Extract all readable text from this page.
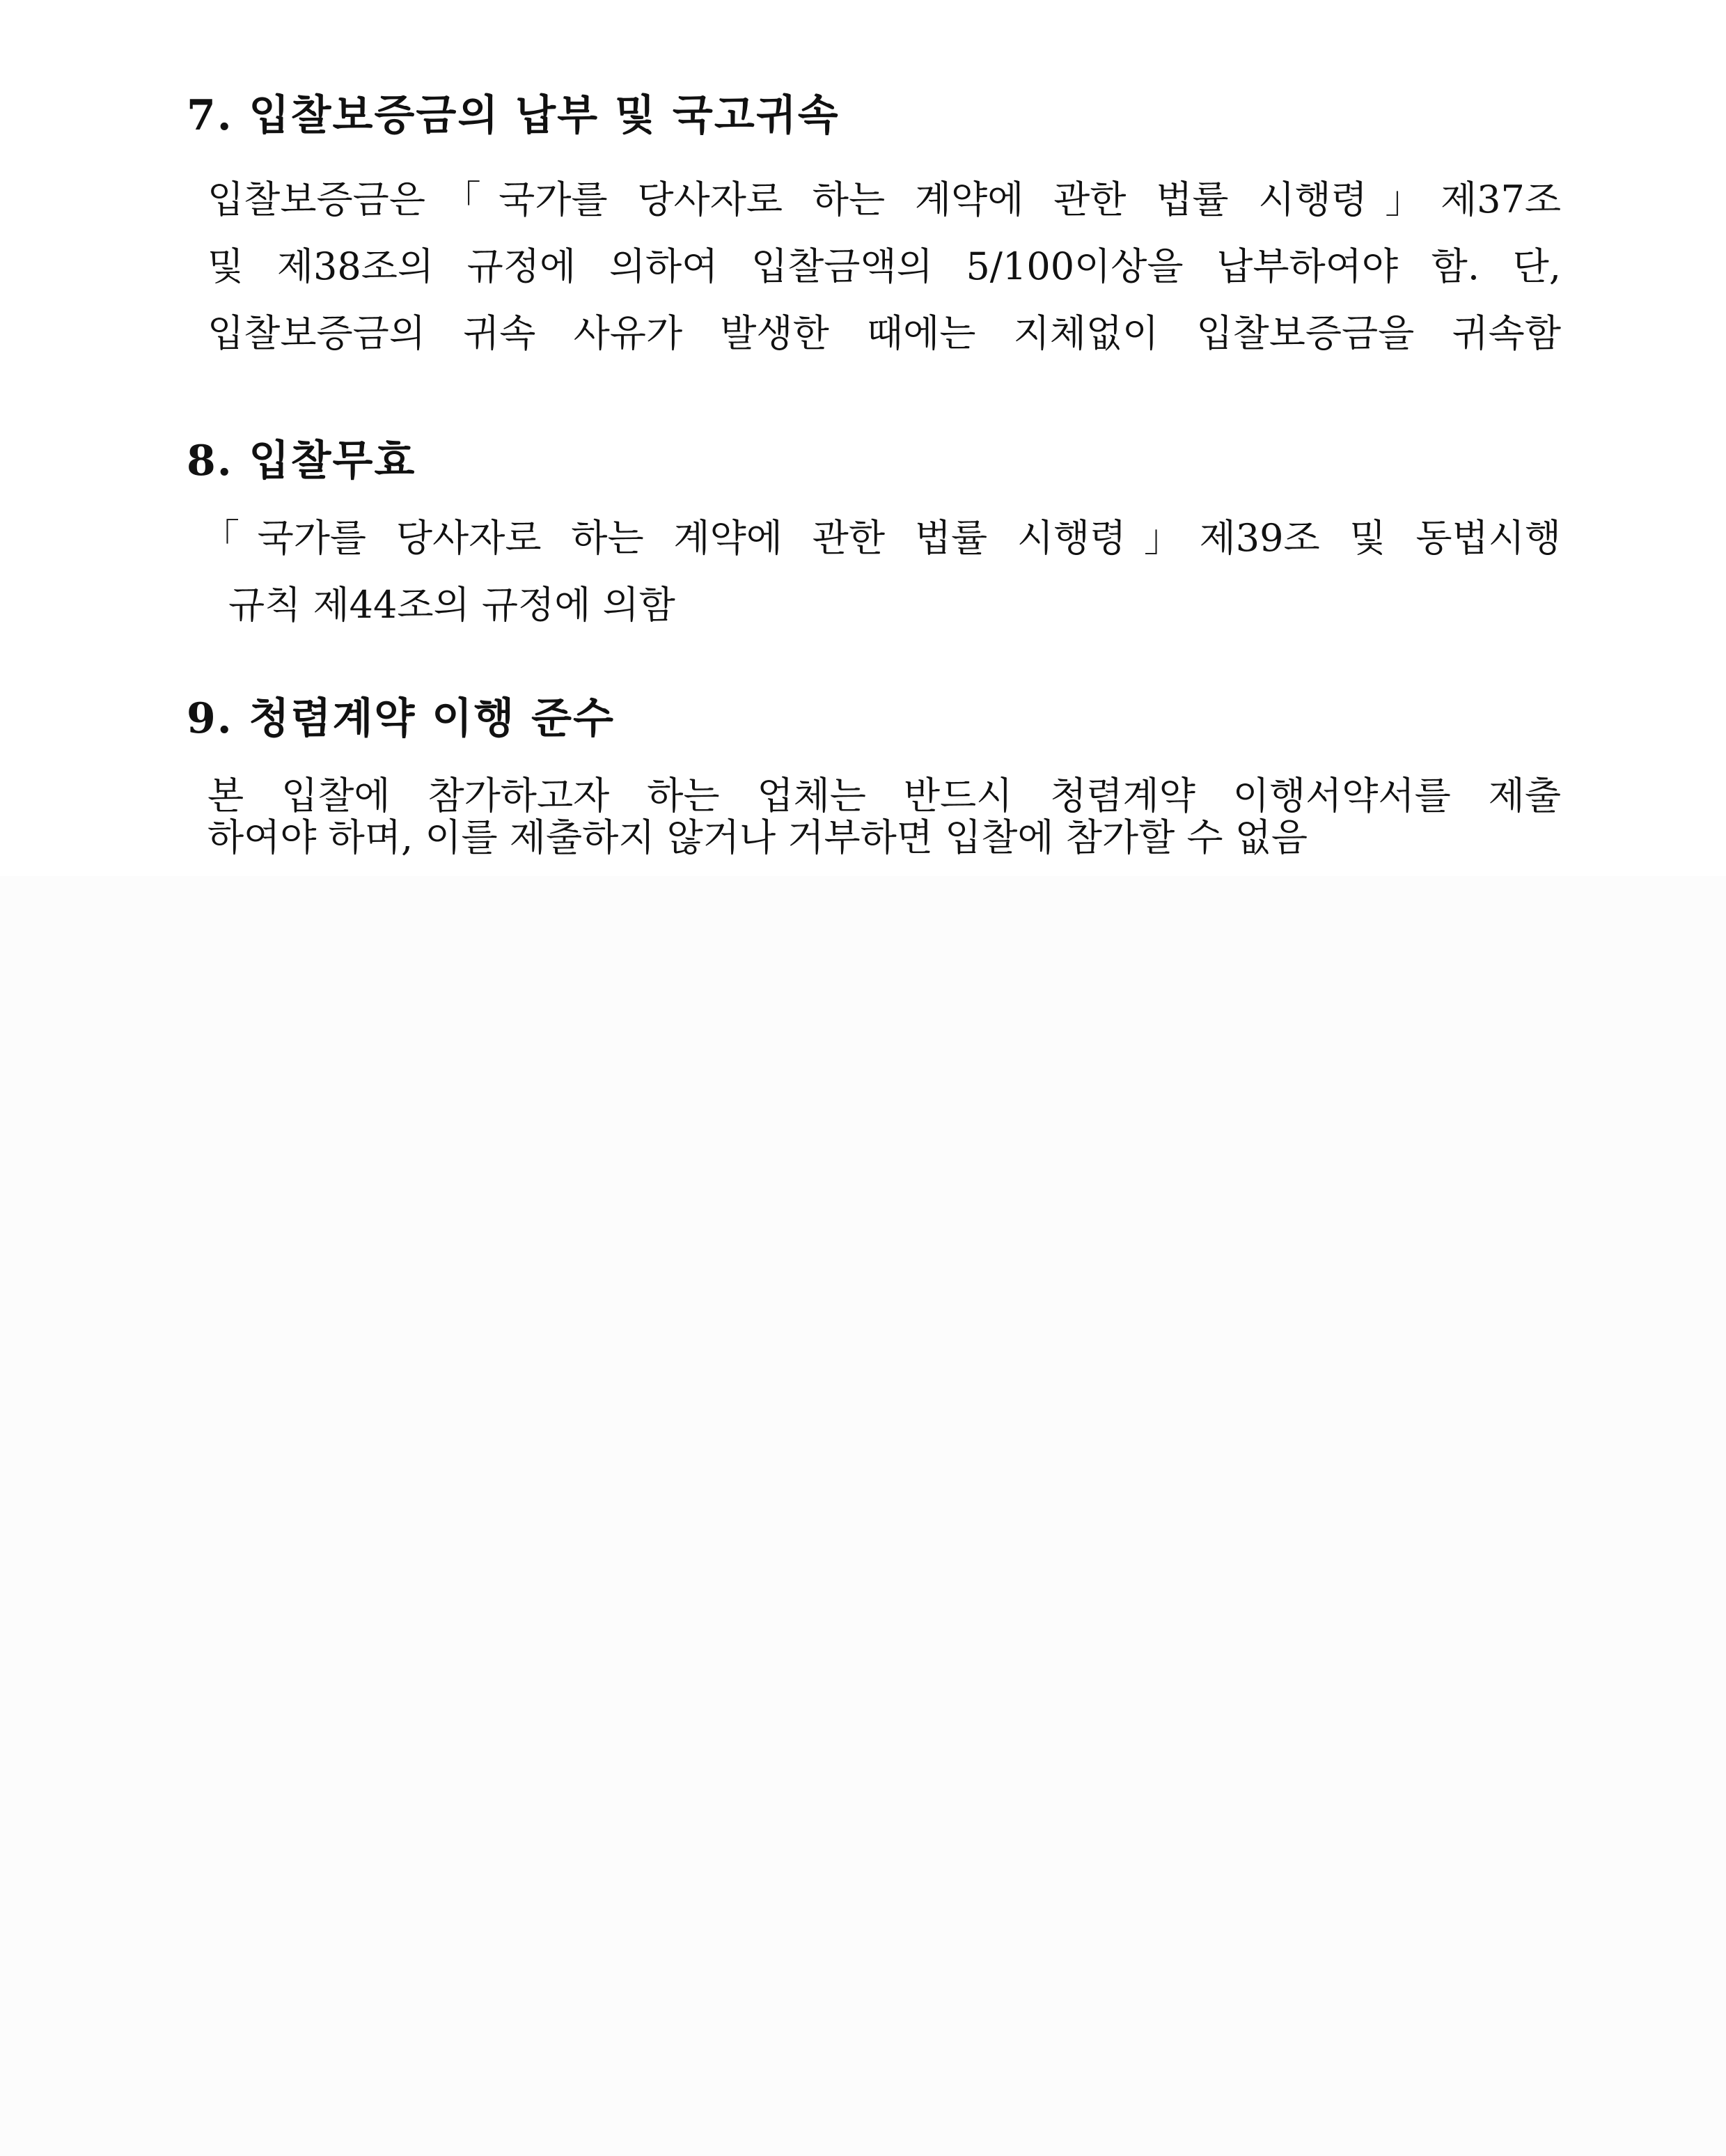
7. 입찰보증금의 납부 및 국고귀속

입찰보증금은「국가를 당사자로 하는 계약에 관한 법률 시행령」제37조

및 제38조의 규정에 의하여 입찰금액의 5/100이상을 납부하여야 함. 단,

입찰보증금의 귀속 사유가 발생한 때에는 지체없이 입찰보증금을 귀속함

8. 입찰무효

「국가를 당사자로 하는 계약에 관한 법률 시행령」제39조 및 동법시행

규칙 제44조의 규정에 의함

9. 청렴계약 이행 준수

본 입찰에 참가하고자 하는 업체는 반드시 청렴계약 이행서약서를 제출

하여야 하며, 이를 제출하지 않거나 거부하면 입찰에 참가할 수 없음
